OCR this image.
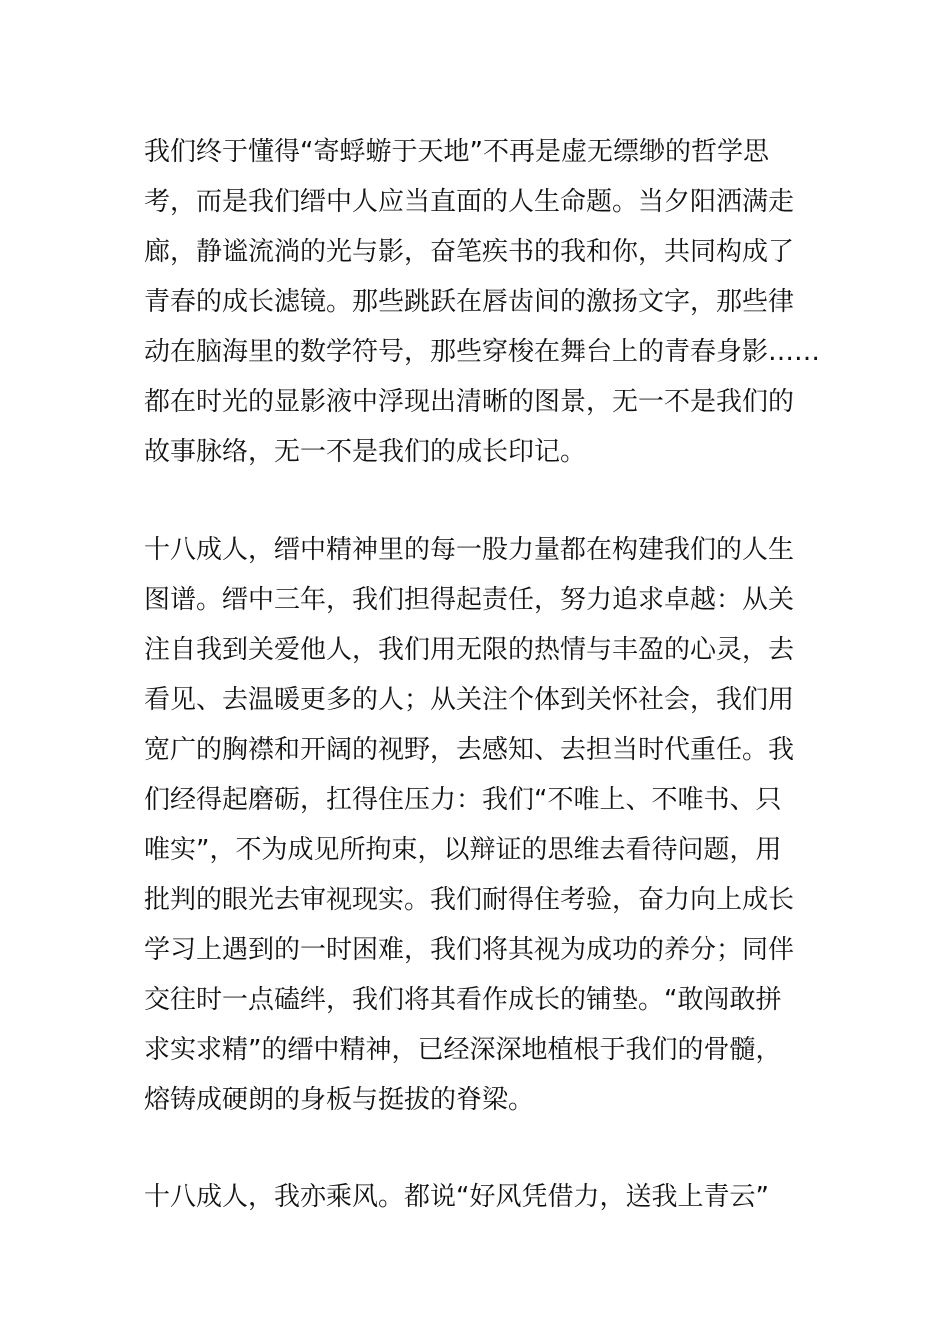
我们终于懂得“寄蜉蝣于天地”不再是虚无缥缈的哲学思
考，而是我们缙中人应当直面的人生命题。当夕阳洒满走
廊，静谧流淌的光与影，奋笔疾书的我和你，共同构成了
青春的成长滤镜。那些跳跃在唇齿间的激扬文字，那些律
动在脑海里的数学符号，那些穿梭在舞台上的青春身影……
都在时光的显影液中浮现出清晰的图景，无一不是我们的
故事脉络，无一不是我们的成长印记。
十八成人，缙中精神里的每一股力量都在构建我们的人生
图谱。缙中三年，我们担得起责任，努力追求卓越：从关
注自我到关爱他人，我们用无限的热情与丰盈的心灵，去
看见、去温暖更多的人；从关注个体到关怀社会，我们用
宽广的胸襟和开阔的视野，去感知、去担当时代重任。我
们经得起磨砺，扛得住压力：我们“不唯上、不唯书、只
唯实”，不为成见所拘束，以辩证的思维去看待问题，用
批判的眼光去审视现实。我们耐得住考验，奋力向上成长
学习上遇到的一时困难，我们将其视为成功的养分；同伴
交往时一点磕绊，我们将其看作成长的铺垫。“敢闯敢拼
求实求精”的缙中精神，已经深深地植根于我们的骨髓，
熔铸成硬朗的身板与挺拔的脊梁。
十八成人，我亦乘风。都说“好风凭借力，送我上青云”
